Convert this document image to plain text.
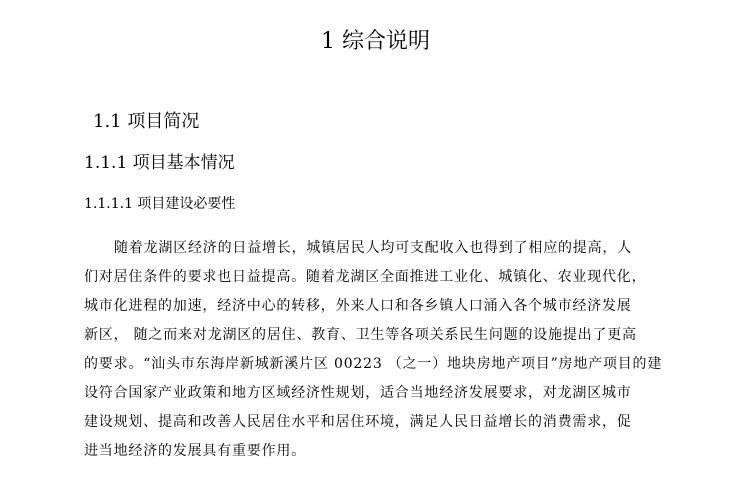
1 综合说明
1.1 项目简况
1.1.1 项目基本情况
1.1.1.1 项目建设必要性

随着龙湖区经济的日益增长，城镇居民人均可支配收入也得到了相应的提高，人
们对居住条件的要求也日益提高。随着龙湖区全面推进工业化、城镇化、农业现代化，
城市化进程的加速，经济中心的转移，外来人口和各乡镇人口涌入各个城市经济发展
新区， 随之而来对龙湖区的居住、教育、卫生等各项关系民生问题的设施提出了更高
的要求。“汕头市东海岸新城新溪片区 00223 （之一）地块房地产项目”房地产项目的建
设符合国家产业政策和地方区域经济性规划，适合当地经济发展要求，对龙湖区城市
建设规划、提高和改善人民居住水平和居住环境，满足人民日益增长的消费需求，促
进当地经济的发展具有重要作用。
